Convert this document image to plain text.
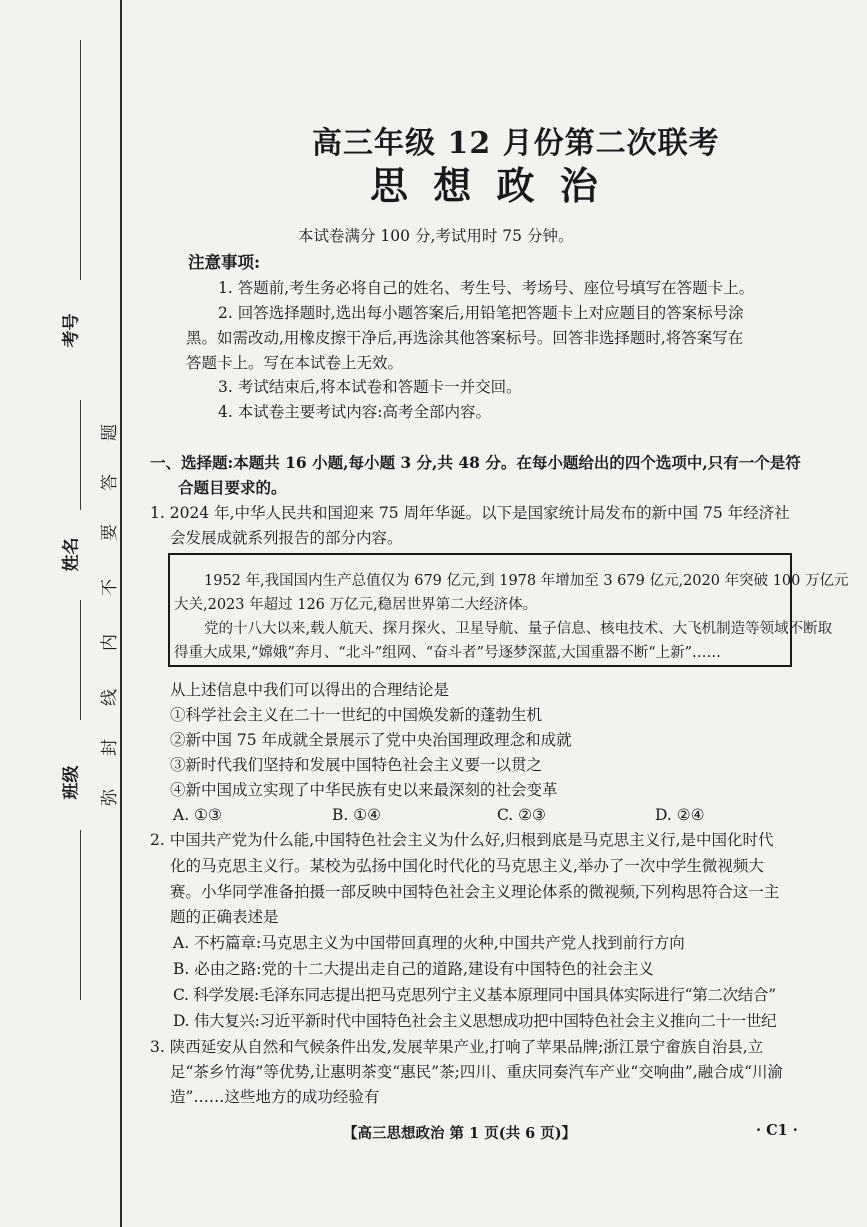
考号
姓名
班级
题
答
要
不
内
线
封
弥
高三年级 12 月份第二次联考
思 想 政 治
本试卷满分 100 分,考试用时 75 分钟。
注意事项:
1. 答题前,考生务必将自己的姓名、考生号、考场号、座位号填写在答题卡上。
2. 回答选择题时,选出每小题答案后,用铅笔把答题卡上对应题目的答案标号涂
黑。如需改动,用橡皮擦干净后,再选涂其他答案标号。回答非选择题时,将答案写在
答题卡上。写在本试卷上无效。
3. 考试结束后,将本试卷和答题卡一并交回。
4. 本试卷主要考试内容:高考全部内容。
一、选择题:本题共 16 小题,每小题 3 分,共 48 分。在每小题给出的四个选项中,只有一个是符
合题目要求的。
1. 2024 年,中华人民共和国迎来 75 周年华诞。以下是国家统计局发布的新中国 75 年经济社
会发展成就系列报告的部分内容。
1952 年,我国国内生产总值仅为 679 亿元,到 1978 年增加至 3 679 亿元,2020 年突破 100 万亿元
大关,2023 年超过 126 万亿元,稳居世界第二大经济体。
党的十八大以来,载人航天、探月探火、卫星导航、量子信息、核电技术、大飞机制造等领域不断取
得重大成果,“嫦娥”奔月、“北斗”组网、“奋斗者”号逐梦深蓝,大国重器不断“上新”……
从上述信息中我们可以得出的合理结论是
①科学社会主义在二十一世纪的中国焕发新的蓬勃生机
②新中国 75 年成就全景展示了党中央治国理政理念和成就
③新时代我们坚持和发展中国特色社会主义要一以贯之
④新中国成立实现了中华民族有史以来最深刻的社会变革
A. ①③	B. ①④	C. ②③	D. ②④
2. 中国共产党为什么能,中国特色社会主义为什么好,归根到底是马克思主义行,是中国化时代
化的马克思主义行。某校为弘扬中国化时代化的马克思主义,举办了一次中学生微视频大
赛。小华同学准备拍摄一部反映中国特色社会主义理论体系的微视频,下列构思符合这一主
题的正确表述是
A. 不朽篇章:马克思主义为中国带回真理的火种,中国共产党人找到前行方向
B. 必由之路:党的十二大提出走自己的道路,建设有中国特色的社会主义
C. 科学发展:毛泽东同志提出把马克思列宁主义基本原理同中国具体实际进行“第二次结合”
D. 伟大复兴:习近平新时代中国特色社会主义思想成功把中国特色社会主义推向二十一世纪
3. 陕西延安从自然和气候条件出发,发展苹果产业,打响了苹果品牌;浙江景宁畲族自治县,立
足“茶乡竹海”等优势,让惠明茶变“惠民”茶;四川、重庆同奏汽车产业“交响曲”,融合成“川渝
造”……这些地方的成功经验有
【高三思想政治 第 1 页(共 6 页)】	· C1 ·
